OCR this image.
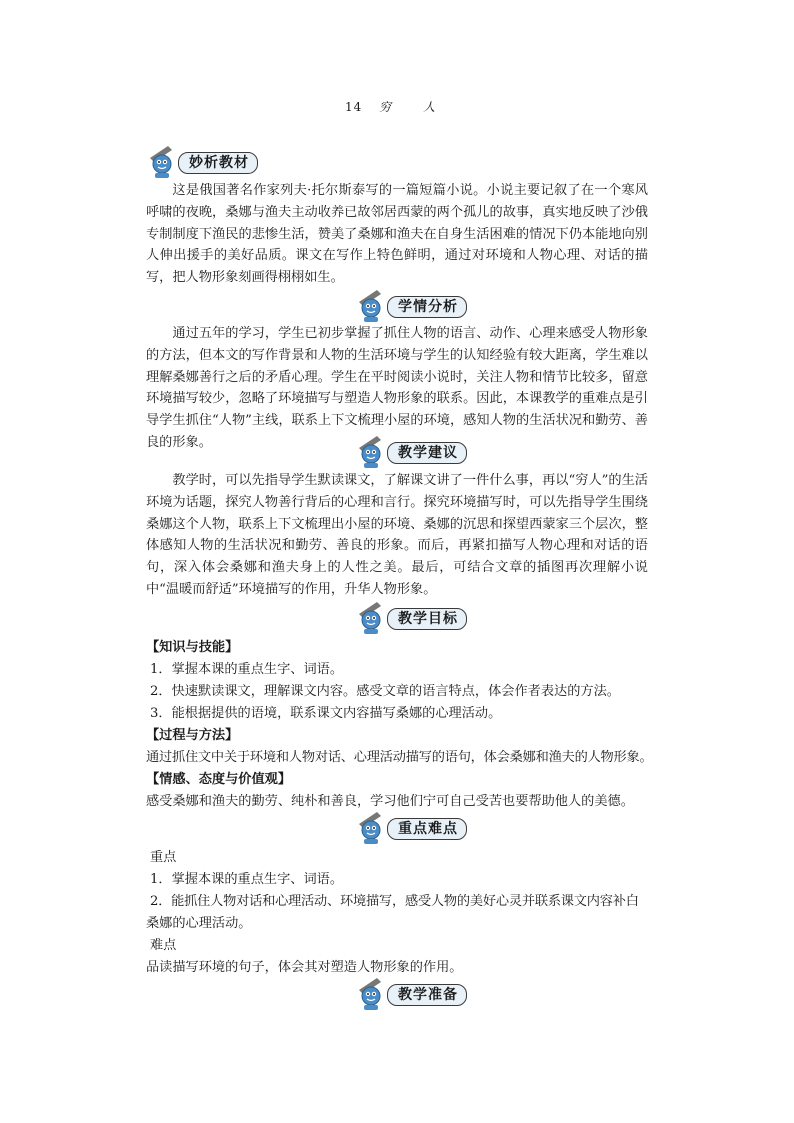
14 穷 人
妙析教材

这是俄国著名作家列夫·托尔斯泰写的一篇短篇小说。小说主要记叙了在一个寒风呼啸的夜晚，桑娜与渔夫主动收养已故邻居西蒙的两个孤儿的故事，真实地反映了沙俄专制制度下渔民的悲惨生活，赞美了桑娜和渔夫在自身生活困难的情况下仍本能地向别人伸出援手的美好品质。课文在写作上特色鲜明，通过对环境和人物心理、对话的描写，把人物形象刻画得栩栩如生。

学情分析

通过五年的学习，学生已初步掌握了抓住人物的语言、动作、心理来感受人物形象的方法，但本文的写作背景和人物的生活环境与学生的认知经验有较大距离，学生难以理解桑娜善行之后的矛盾心理。学生在平时阅读小说时，关注人物和情节比较多，留意环境描写较少，忽略了环境描写与塑造人物形象的联系。因此，本课教学的重难点是引导学生抓住“人物”主线，联系上下文梳理小屋的环境，感知人物的生活状况和勤劳、善良的形象。

教学建议

教学时，可以先指导学生默读课文，了解课文讲了一件什么事，再以“穷人”的生活环境为话题，探究人物善行背后的心理和言行。探究环境描写时，可以先指导学生围绕桑娜这个人物，联系上下文梳理出小屋的环境、桑娜的沉思和探望西蒙家三个层次，整体感知人物的生活状况和勤劳、善良的形象。而后，再紧扣描写人物心理和对话的语句，深入体会桑娜和渔夫身上的人性之美。最后，可结合文章的插图再次理解小说中“温暖而舒适”环境描写的作用，升华人物形象。

教学目标
【知识与技能】
1．掌握本课的重点生字、词语。
2．快速默读课文，理解课文内容。感受文章的语言特点，体会作者表达的方法。
3．能根据提供的语境，联系课文内容描写桑娜的心理活动。
【过程与方法】
通过抓住文中关于环境和人物对话、心理活动描写的语句，体会桑娜和渔夫的人物形象。
【情感、态度与价值观】
感受桑娜和渔夫的勤劳、纯朴和善良，学习他们宁可自己受苦也要帮助他人的美德。
重点难点
重点
1．掌握本课的重点生字、词语。
2．能抓住人物对话和心理活动、环境描写，感受人物的美好心灵并联系课文内容补白
桑娜的心理活动。
难点
品读描写环境的句子，体会其对塑造人物形象的作用。
教学准备
